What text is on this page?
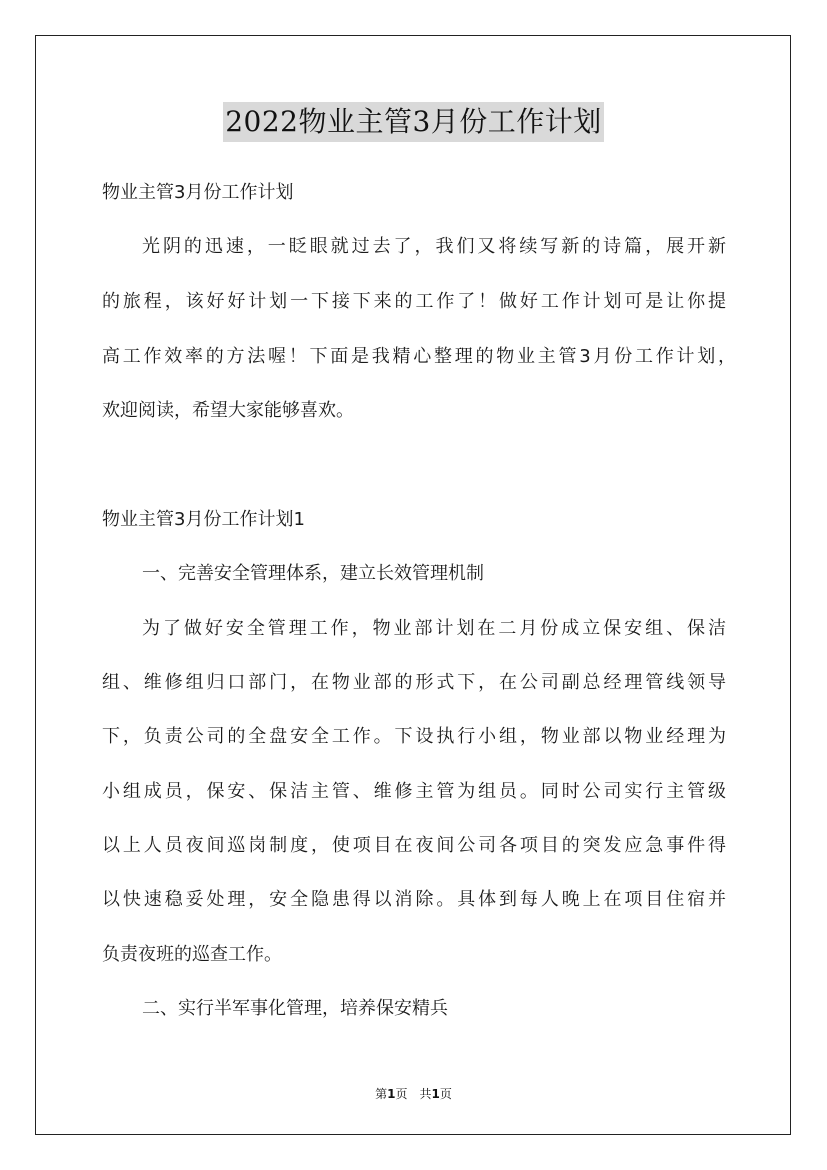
2022物业主管3月份工作计划
物业主管3月份工作计划
光阴的迅速，一眨眼就过去了，我们又将续写新的诗篇，展开新
的旅程，该好好计划一下接下来的工作了！做好工作计划可是让你提
高工作效率的方法喔！下面是我精心整理的物业主管3月份工作计划，
欢迎阅读，希望大家能够喜欢。
物业主管3月份工作计划1
一、完善安全管理体系，建立长效管理机制
为了做好安全管理工作，物业部计划在二月份成立保安组、保洁
组、维修组归口部门，在物业部的形式下，在公司副总经理管线领导
下，负责公司的全盘安全工作。下设执行小组，物业部以物业经理为
小组成员，保安、保洁主管、维修主管为组员。同时公司实行主管级
以上人员夜间巡岗制度，使项目在夜间公司各项目的突发应急事件得
以快速稳妥处理，安全隐患得以消除。具体到每人晚上在项目住宿并
负责夜班的巡查工作。
二、实行半军事化管理，培养保安精兵
第1页　共1页
